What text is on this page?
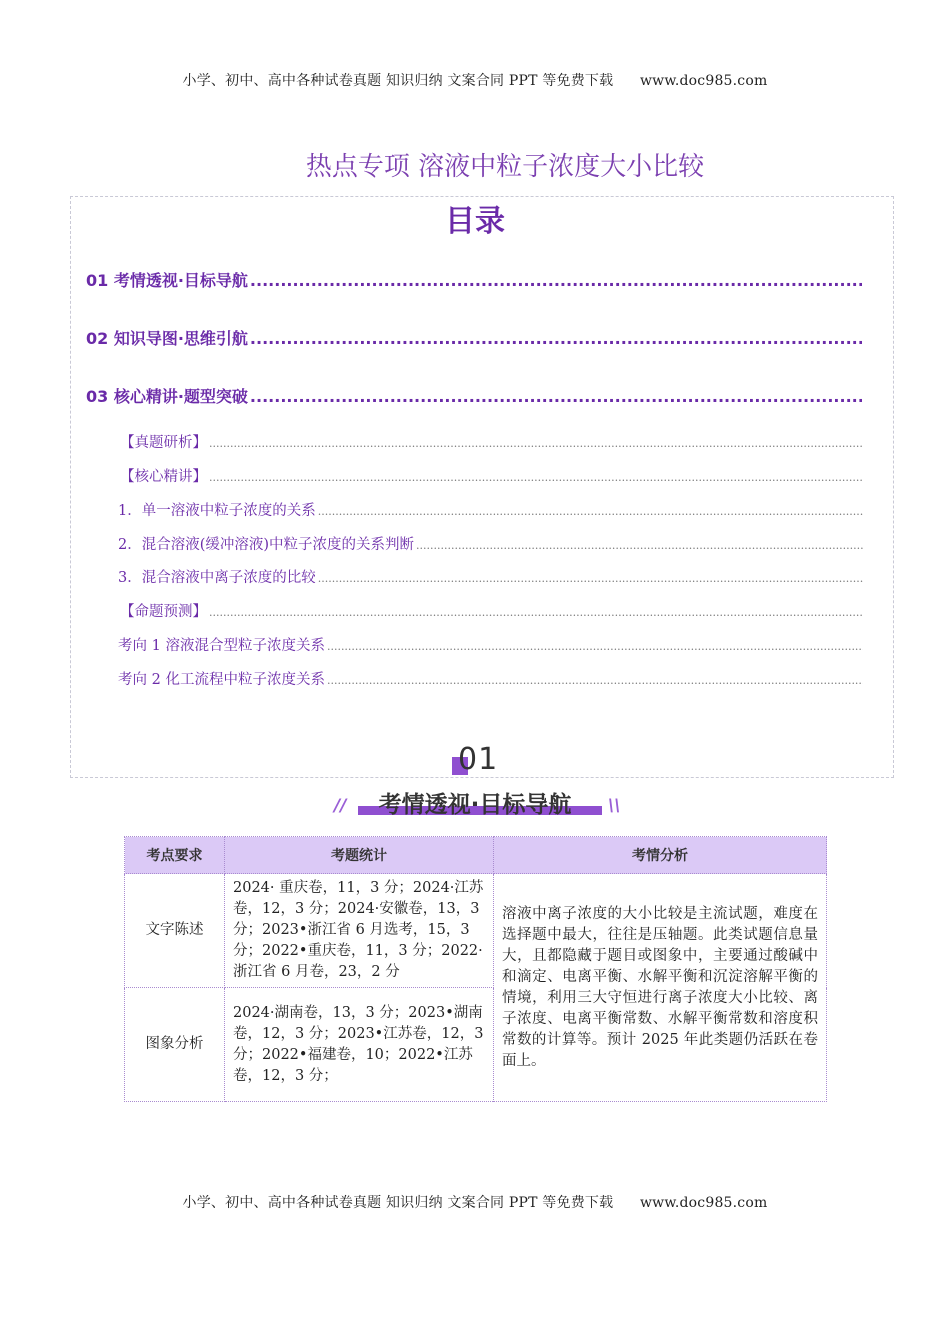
小学、初中、高中各种试卷真题 知识归纳 文案合同 PPT 等免费下载 www.doc985.com
热点专项 溶液中粒子浓度大小比较
目录
01 考情透视·目标导航
.....
02 知识导图·思维引航
.....
03 核心精讲·题型突破
.....
【真题研析】
.....
【核心精讲】
.....
1．单一溶液中粒子浓度的关系
.....
2．混合溶液(缓冲溶液)中粒子浓度的关系判断
.....
3．混合溶液中离子浓度的比较
.....
【命题预测】
.....
考向 1 溶液混合型粒子浓度关系
.....
考向 2 化工流程中粒子浓度关系
.....
01
考情透视·目标导航
//	\\
考点要求	考题统计	考情分析
文字陈述	2024· 重庆卷，11，3 分；2024·江苏卷，12，3 分；2024·安徽卷，13，3 分；2023•浙江省 6 月选考，15，3 分；2022•重庆卷，11，3 分；2022·浙江省 6 月卷，23，2 分	溶液中离子浓度的大小比较是主流试题，难度在选择题中最大，往往是压轴题。此类试题信息量大，且都隐藏于题目或图象中，主要通过酸碱中和滴定、电离平衡、水解平衡和沉淀溶解平衡的情境，利用三大守恒进行离子浓度大小比较、离子浓度、电离平衡常数、水解平衡常数和溶度积常数的计算等。预计 2025 年此类题仍活跃在卷面上。
图象分析	2024·湖南卷，13，3 分；2023•湖南卷，12，3 分；2023•江苏卷，12，3 分；2022•福建卷，10；2022•江苏卷，12，3 分；	
小学、初中、高中各种试卷真题 知识归纳 文案合同 PPT 等免费下载 www.doc985.com
